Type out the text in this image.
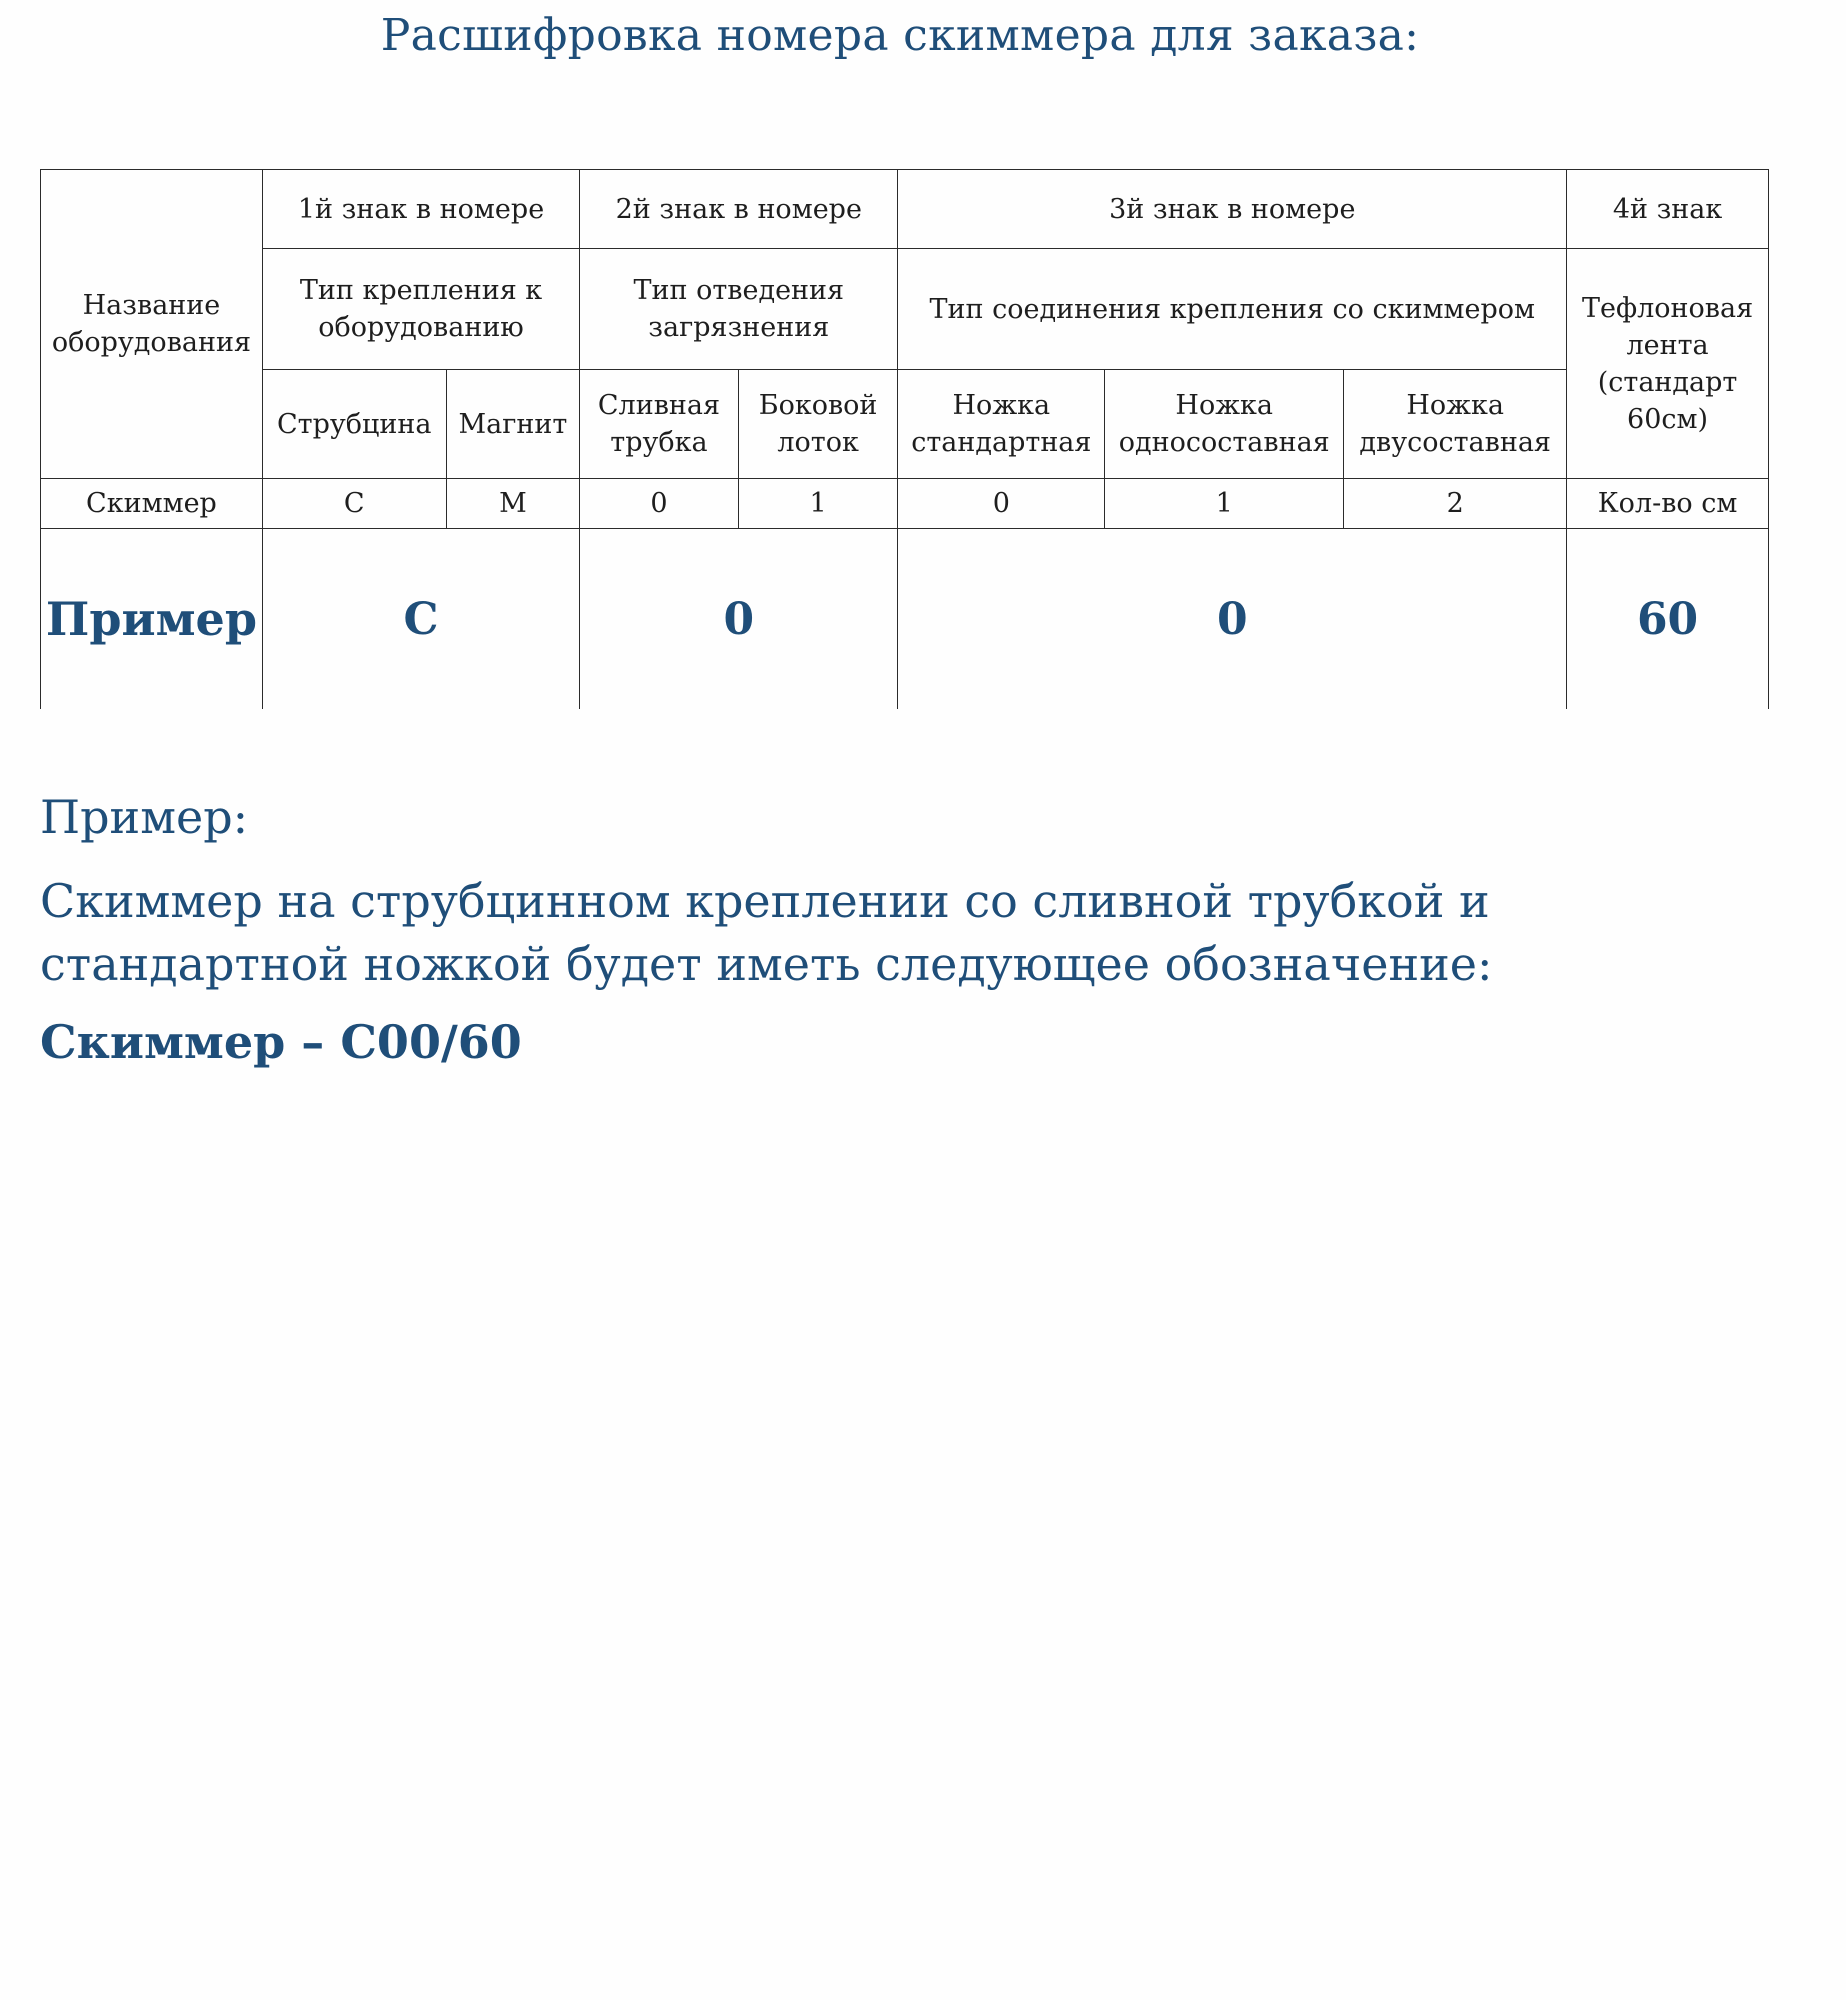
Расшифровка номера скиммера для заказа:
Название оборудования	1й знак в номере		2й знак в номере		3й знак в номере			4й знак
	Тип крепления к оборудованию		Тип отведения загрязнения		Тип соединения крепления со скиммером			Тефлоновая лента (стандарт 60см)
	Струбцина	Магнит	Сливная трубка	Боковой лоток	Ножка стандартная	Ножка односоставная	Ножка двусоставная	
Скиммер	С	М	0	1	0	1	2	Кол-во см
Пример	С		0		0			60
Пример:
Скиммер на струбцинном креплении со сливной трубкой и стандартной ножкой будет иметь следующее обозначение:
Скиммер – С00/60
